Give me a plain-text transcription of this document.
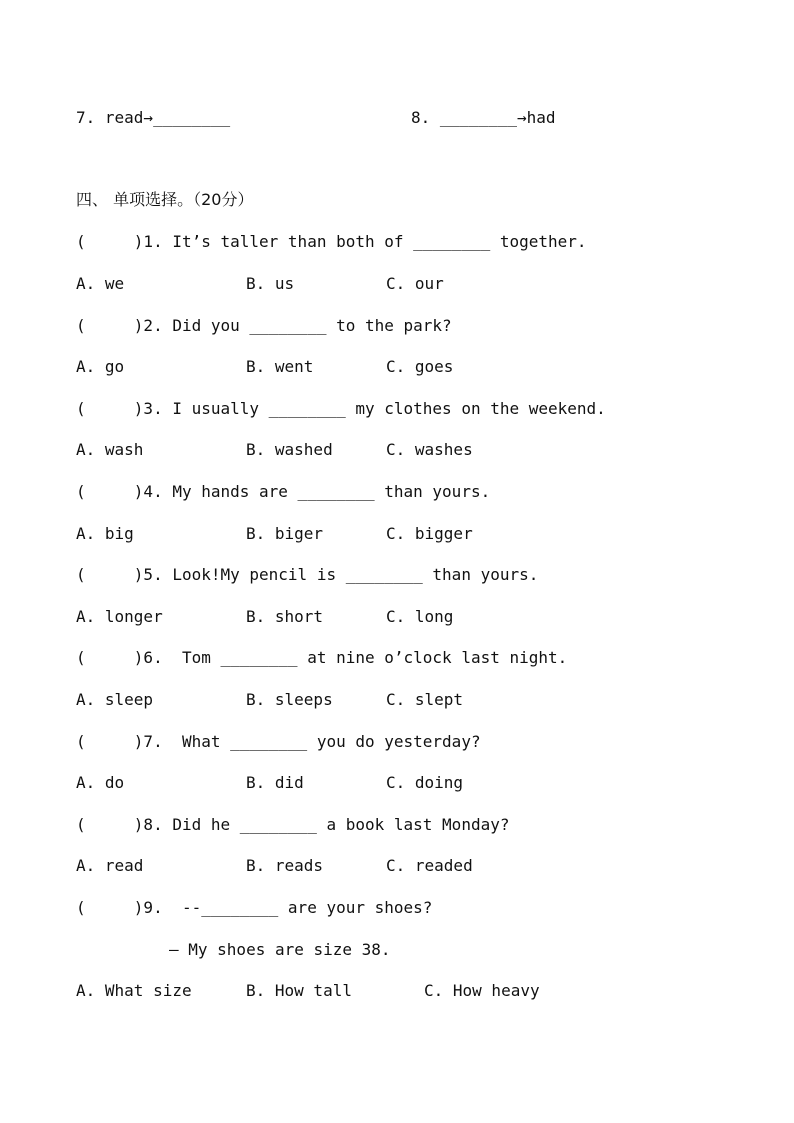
7. read→________	8. ________→had
四、 单项选择。（20分）
(     )1. It’s taller than both of ________ together.
A. we	B. us	C. our
(     )2. Did you ________ to the park?
A. go	B. went	C. goes
(     )3. I usually ________ my clothes on the weekend.
A. wash	B. washed	C. washes
(     )4. My hands are ________ than yours.
A. big	B. biger	C. bigger
(     )5. Look!My pencil is ________ than yours.
A. longer	B. short	C. long
(     )6.  Tom ________ at nine o’clock last night.
A. sleep	B. sleeps	C. slept
(     )7.  What ________ you do yesterday?
A. do	B. did	C. doing
(     )8. Did he ________ a book last Monday?
A. read	B. reads	C. readed
(     )9.  --________ are your shoes?
— My shoes are size 38.
A. What size	B. How tall	C. How heavy
